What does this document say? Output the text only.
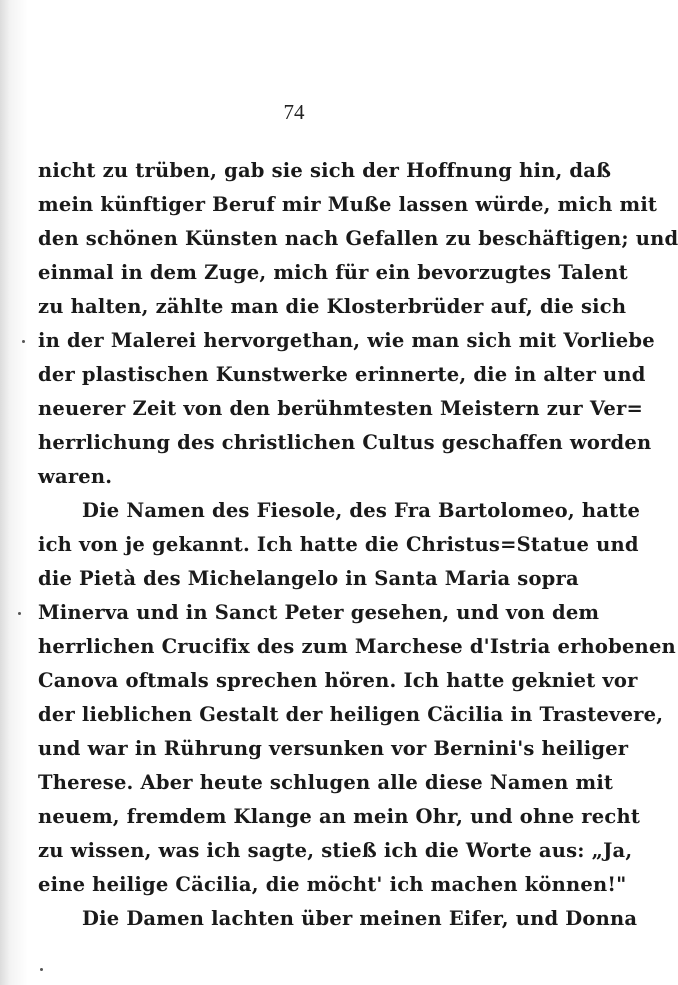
74
nicht zu trüben, gab sie sich der Hoffnung hin, daß
mein künftiger Beruf mir Muße lassen würde, mich mit
den schönen Künsten nach Gefallen zu beschäftigen; und
einmal in dem Zuge, mich für ein bevorzugtes Talent
zu halten, zählte man die Klosterbrüder auf, die sich
in der Malerei hervorgethan, wie man sich mit Vorliebe
der plastischen Kunstwerke erinnerte, die in alter und
neuerer Zeit von den berühmtesten Meistern zur Ver=
herrlichung des christlichen Cultus geschaffen worden
waren.
Die Namen des Fiesole, des Fra Bartolomeo, hatte
ich von je gekannt. Ich hatte die Christus=Statue und
die Pietà des Michelangelo in Santa Maria sopra
Minerva und in Sanct Peter gesehen, und von dem
herrlichen Crucifix des zum Marchese d'Istria erhobenen
Canova oftmals sprechen hören. Ich hatte gekniet vor
der lieblichen Gestalt der heiligen Cäcilia in Trastevere,
und war in Rührung versunken vor Bernini's heiliger
Therese. Aber heute schlugen alle diese Namen mit
neuem, fremdem Klange an mein Ohr, und ohne recht
zu wissen, was ich sagte, stieß ich die Worte aus: „Ja,
eine heilige Cäcilia, die möcht' ich machen können!"
Die Damen lachten über meinen Eifer, und Donna
